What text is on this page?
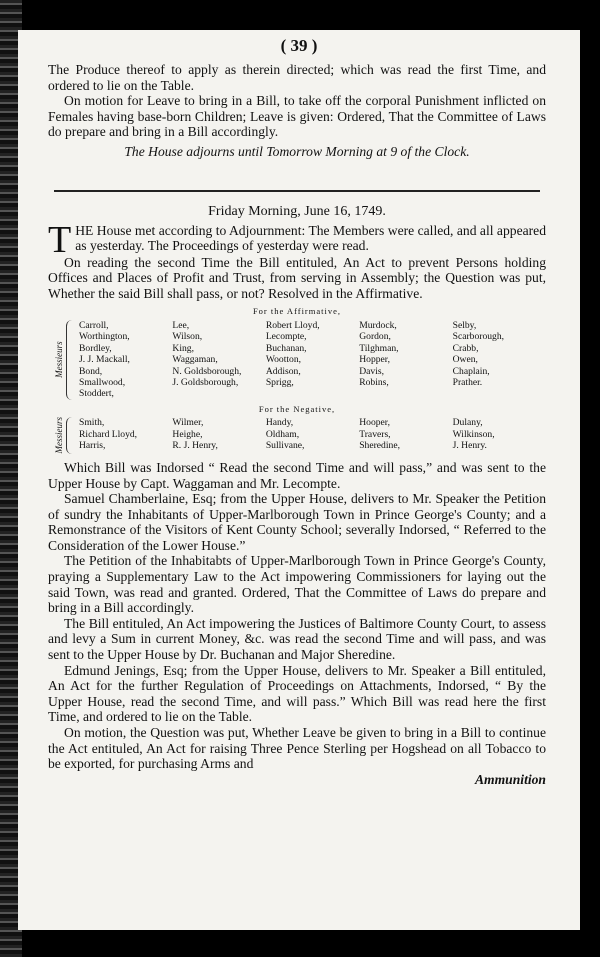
( 39 )

The Produce thereof to apply as therein directed; which was read the first Time, and ordered to lie on the Table.

On motion for Leave to bring in a Bill, to take off the corporal Punishment inflicted on Females having base-born Children; Leave is given: Ordered, That the Committee of Laws do prepare and bring in a Bill accordingly.

The House adjourns until Tomorrow Morning at 9 of the Clock.

Friday Morning, June 16, 1749.

THE House met according to Adjournment: The Members were called, and all appeared as yesterday. The Proceedings of yesterday were read.

On reading the second Time the Bill entituled, An Act to prevent Persons holding Offices and Places of Profit and Trust, from serving in Assembly; the Question was put, Whether the said Bill shall pass, or not? Resolved in the Affirmative.

For the Affirmative,

Messieurs
Carroll,
Worthington,
Bordley,
J. J. Mackall,
Bond,
Smallwood,
Stoddert,
Lee,
Wilson,
King,
Waggaman,
N. Goldsborough,
J. Goldsborough,
Robert Lloyd,
Lecompte,
Buchanan,
Wootton,
Addison,
Sprigg,
Murdock,
Gordon,
Tilghman,
Hopper,
Davis,
Robins,
Selby,
Scarborough,
Crabb,
Owen,
Chaplain,
Prather.

For the Negative,

Messieurs Smith,
Richard Lloyd,
Harris,
Wilmer,
Heighe,
R. J. Henry,
Handy,
Oldham,
Sullivane,
Hooper,
Travers,
Sheredine,
Dulany,
Wilkinson,
J. Henry.

Which Bill was Indorsed “ Read the second Time and will pass,” and was sent to the Upper House by Capt. Waggaman and Mr. Lecompte.

Samuel Chamberlaine, Esq; from the Upper House, delivers to Mr. Speaker the Petition of sundry the Inhabitants of Upper-Marlborough Town in Prince George's County; and a Remonstrance of the Visitors of Kent County School; severally Indorsed, “ Referred to the Consideration of the Lower House.”

The Petition of the Inhabitabts of Upper-Marlborough Town in Prince George's County, praying a Supplementary Law to the Act impowering Commissioners for laying out the said Town, was read and granted. Ordered, That the Committee of Laws do prepare and bring in a Bill accordingly.

The Bill entituled, An Act impowering the Justices of Baltimore County Court, to assess and levy a Sum in current Money, &c. was read the second Time and will pass, and was sent to the Upper House by Dr. Buchanan and Major Sheredine.

Edmund Jenings, Esq; from the Upper House, delivers to Mr. Speaker a Bill entituled, An Act for the further Regulation of Proceedings on Attachments, Indorsed, “ By the Upper House, read the second Time, and will pass.” Which Bill was read here the first Time, and ordered to lie on the Table.

On motion, the Question was put, Whether Leave be given to bring in a Bill to continue the Act entituled, An Act for raising Three Pence Sterling per Hogshead on all Tobacco to be exported, for purchasing Arms and

Ammunition
